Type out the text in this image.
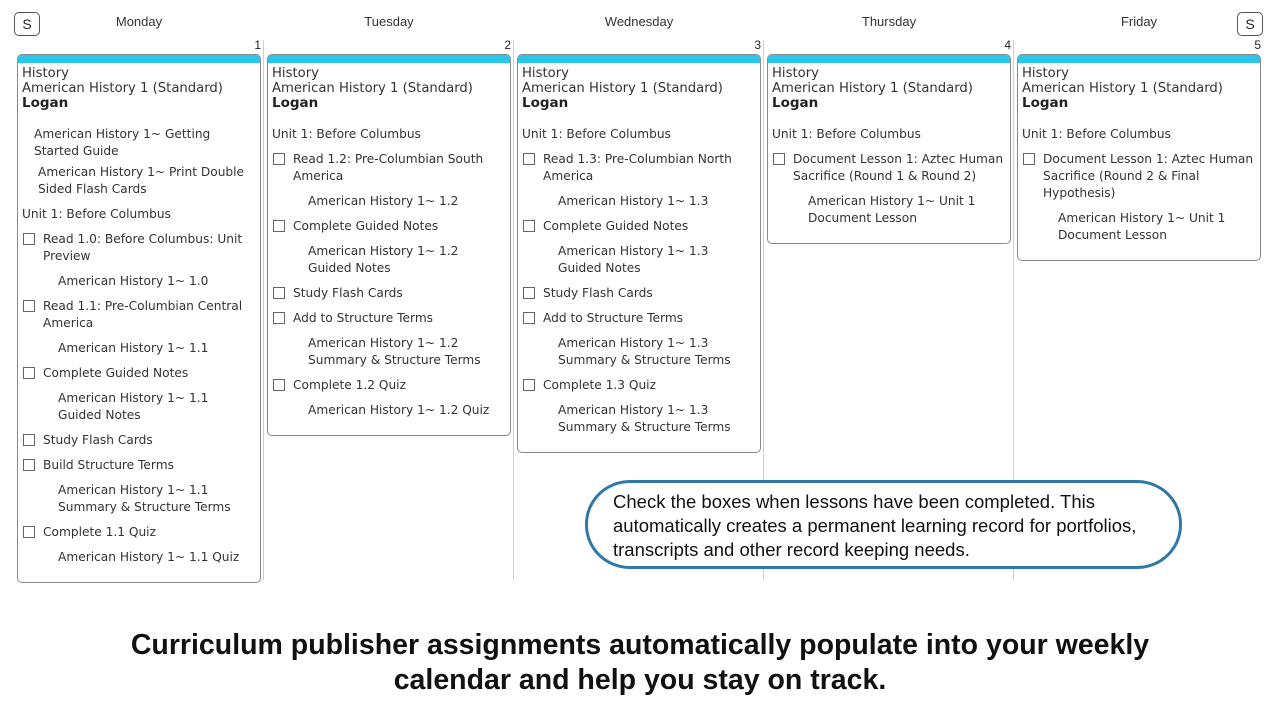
S	S
Monday
1
History
American History 1 (Standard)
Logan
American History 1~ Getting Started Guide
American History 1~ Print Double Sided Flash Cards
Unit 1: Before Columbus
Read 1.0: Before Columbus: Unit Preview
American History 1~ 1.0
Read 1.1: Pre-Columbian Central America
American History 1~ 1.1
Complete Guided Notes
American History 1~ 1.1 Guided Notes
Study Flash Cards
Build Structure Terms
American History 1~ 1.1 Summary & Structure Terms
Complete 1.1 Quiz
American History 1~ 1.1 Quiz
Tuesday
2
History
American History 1 (Standard)
Logan
Unit 1: Before Columbus
Read 1.2: Pre-Columbian South America
American History 1~ 1.2
Complete Guided Notes
American History 1~ 1.2 Guided Notes
Study Flash Cards
Add to Structure Terms
American History 1~ 1.2 Summary & Structure Terms
Complete 1.2 Quiz
American History 1~ 1.2 Quiz
Wednesday
3
History
American History 1 (Standard)
Logan
Unit 1: Before Columbus
Read 1.3: Pre-Columbian North America
American History 1~ 1.3
Complete Guided Notes
American History 1~ 1.3 Guided Notes
Study Flash Cards
Add to Structure Terms
American History 1~ 1.3 Summary & Structure Terms
Complete 1.3 Quiz
American History 1~ 1.3 Summary & Structure Terms
Thursday
4
History
American History 1 (Standard)
Logan
Unit 1: Before Columbus
Document Lesson 1: Aztec Human Sacrifice (Round 1 & Round 2)
American History 1~ Unit 1 Document Lesson
Friday
5
History
American History 1 (Standard)
Logan
Unit 1: Before Columbus
Document Lesson 1: Aztec Human Sacrifice (Round 2 & Final Hypothesis)
American History 1~ Unit 1 Document Lesson
Check the boxes when lessons have been completed. This automatically creates a permanent learning record for portfolios, transcripts and other record keeping needs.
Curriculum publisher assignments automatically populate into your weekly
calendar and help you stay on track.
